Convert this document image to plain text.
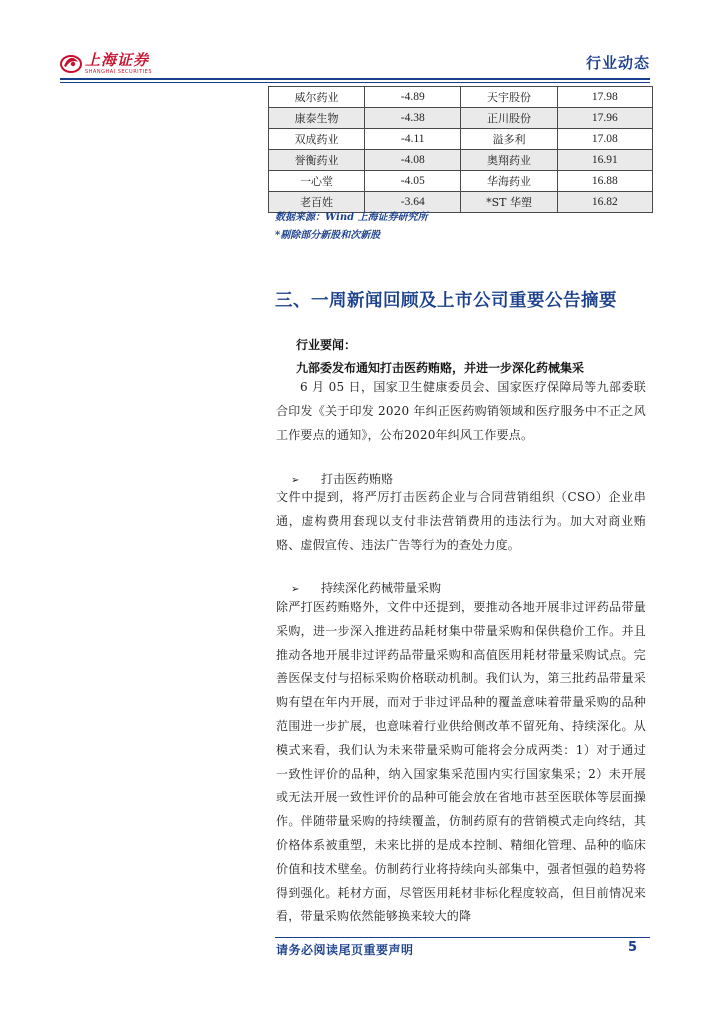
上海证券
SHANGHAI SECURITIES	行业动态
威尔药业	-4.89	天宇股份	17.98
康泰生物	-4.38	正川股份	17.96
双成药业	-4.11	溢多利	17.08
誉衡药业	-4.08	奥翔药业	16.91
一心堂	-4.05	华海药业	16.88
老百姓	-3.64	*ST 华塑	16.82
数据来源：Wind 上海证券研究所
*剔除部分新股和次新股
三、一周新闻回顾及上市公司重要公告摘要
行业要闻：
九部委发布通知打击医药贿赂，并进一步深化药械集采
6 月 05 日，国家卫生健康委员会、国家医疗保障局等九部委联合印发《关于印发 2020 年纠正医药购销领域和医疗服务中不正之风工作要点的通知》，公布2020年纠风工作要点。
➢ 打击医药贿赂
文件中提到，将严厉打击医药企业与合同营销组织（CSO）企业串通，虚构费用套现以支付非法营销费用的违法行为。加大对商业贿赂、虚假宣传、违法广告等行为的查处力度。
➢ 持续深化药械带量采购
除严打医药贿赂外，文件中还提到，要推动各地开展非过评药品带量采购，进一步深入推进药品耗材集中带量采购和保供稳价工作。并且推动各地开展非过评药品带量采购和高值医用耗材带量采购试点。完善医保支付与招标采购价格联动机制。我们认为，第三批药品带量采购有望在年内开展，而对于非过评品种的覆盖意味着带量采购的品种范围进一步扩展，也意味着行业供给侧改革不留死角、持续深化。从模式来看，我们认为未来带量采购可能将会分成两类：1）对于通过一致性评价的品种，纳入国家集采范围内实行国家集采；2）未开展或无法开展一致性评价的品种可能会放在省地市甚至医联体等层面操作。伴随带量采购的持续覆盖，仿制药原有的营销模式走向终结，其价格体系被重塑，未来比拼的是成本控制、精细化管理、品种的临床价值和技术壁垒。仿制药行业将持续向头部集中，强者恒强的趋势将得到强化。耗材方面，尽管医用耗材非标化程度较高，但目前情况来看，带量采购依然能够换来较大的降
请务必阅读尾页重要声明	5
